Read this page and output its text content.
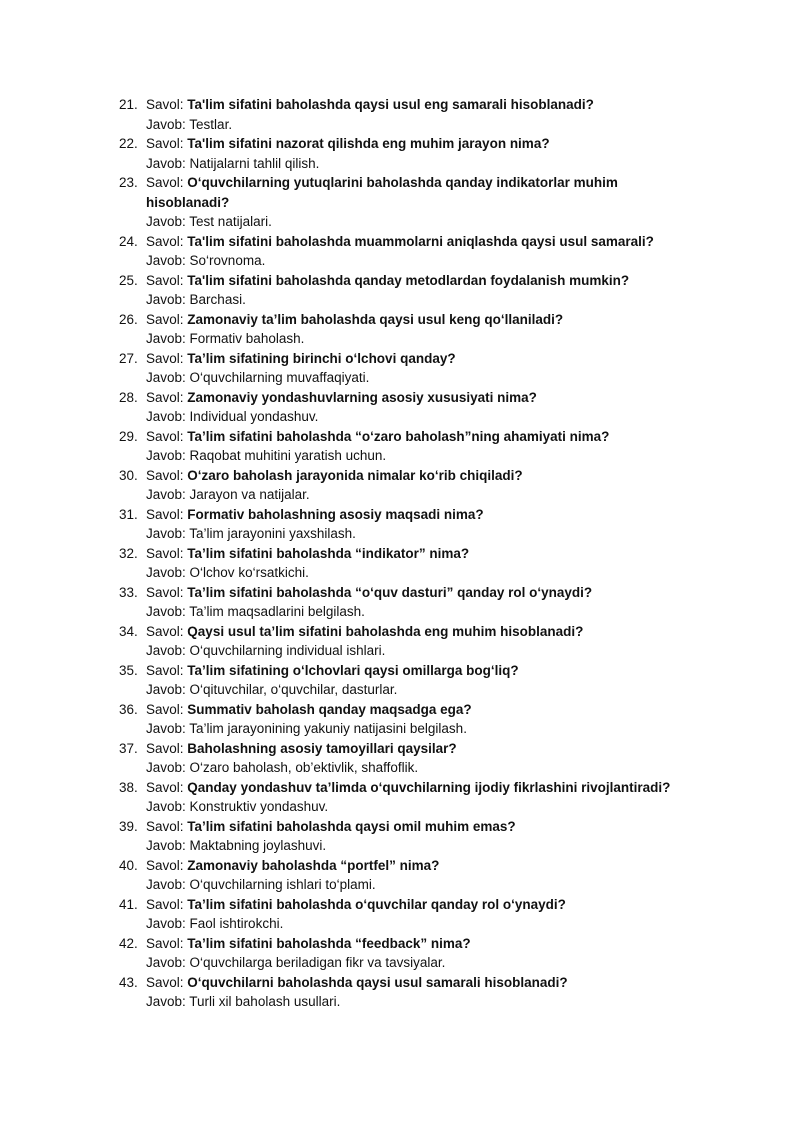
21. Savol: Ta'lim sifatini baholashda qaysi usul eng samarali hisoblanadi?
Javob: Testlar.
22. Savol: Ta'lim sifatini nazorat qilishda eng muhim jarayon nima?
Javob: Natijalarni tahlil qilish.
23. Savol: O‘quvchilarning yutuqlarini baholashda qanday indikatorlar muhim hisoblanadi?
Javob: Test natijalari.
24. Savol: Ta'lim sifatini baholashda muammolarni aniqlashda qaysi usul samarali?
Javob: So‘rovnoma.
25. Savol: Ta'lim sifatini baholashda qanday metodlardan foydalanish mumkin?
Javob: Barchasi.
26. Savol: Zamonaviy ta’lim baholashda qaysi usul keng qo‘llaniladi?
Javob: Formativ baholash.
27. Savol: Ta’lim sifatining birinchi o‘lchovi qanday?
Javob: O‘quvchilarning muvaffaqiyati.
28. Savol: Zamonaviy yondashuvlarning asosiy xususiyati nima?
Javob: Individual yondashuv.
29. Savol: Ta’lim sifatini baholashda “o‘zaro baholash”ning ahamiyati nima?
Javob: Raqobat muhitini yaratish uchun.
30. Savol: O‘zaro baholash jarayonida nimalar ko‘rib chiqiladi?
Javob: Jarayon va natijalar.
31. Savol: Formativ baholashning asosiy maqsadi nima?
Javob: Ta’lim jarayonini yaxshilash.
32. Savol: Ta’lim sifatini baholashda “indikator” nima?
Javob: O‘lchov ko‘rsatkichi.
33. Savol: Ta’lim sifatini baholashda “o‘quv dasturi” qanday rol o‘ynaydi?
Javob: Ta’lim maqsadlarini belgilash.
34. Savol: Qaysi usul ta’lim sifatini baholashda eng muhim hisoblanadi?
Javob: O‘quvchilarning individual ishlari.
35. Savol: Ta’lim sifatining o‘lchovlari qaysi omillarga bog‘liq?
Javob: O‘qituvchilar, o‘quvchilar, dasturlar.
36. Savol: Summativ baholash qanday maqsadga ega?
Javob: Ta’lim jarayonining yakuniy natijasini belgilash.
37. Savol: Baholashning asosiy tamoyillari qaysilar?
Javob: O‘zaro baholash, ob’ektivlik, shaffoflik.
38. Savol: Qanday yondashuv ta’limda o‘quvchilarning ijodiy fikrlashini rivojlantiradi?
Javob: Konstruktiv yondashuv.
39. Savol: Ta’lim sifatini baholashda qaysi omil muhim emas?
Javob: Maktabning joylashuvi.
40. Savol: Zamonaviy baholashda “portfel” nima?
Javob: O‘quvchilarning ishlari to‘plami.
41. Savol: Ta’lim sifatini baholashda o‘quvchilar qanday rol o‘ynaydi?
Javob: Faol ishtirokchi.
42. Savol: Ta’lim sifatini baholashda “feedback” nima?
Javob: O‘quvchilarga beriladigan fikr va tavsiyalar.
43. Savol: O‘quvchilarni baholashda qaysi usul samarali hisoblanadi?
Javob: Turli xil baholash usullari.
